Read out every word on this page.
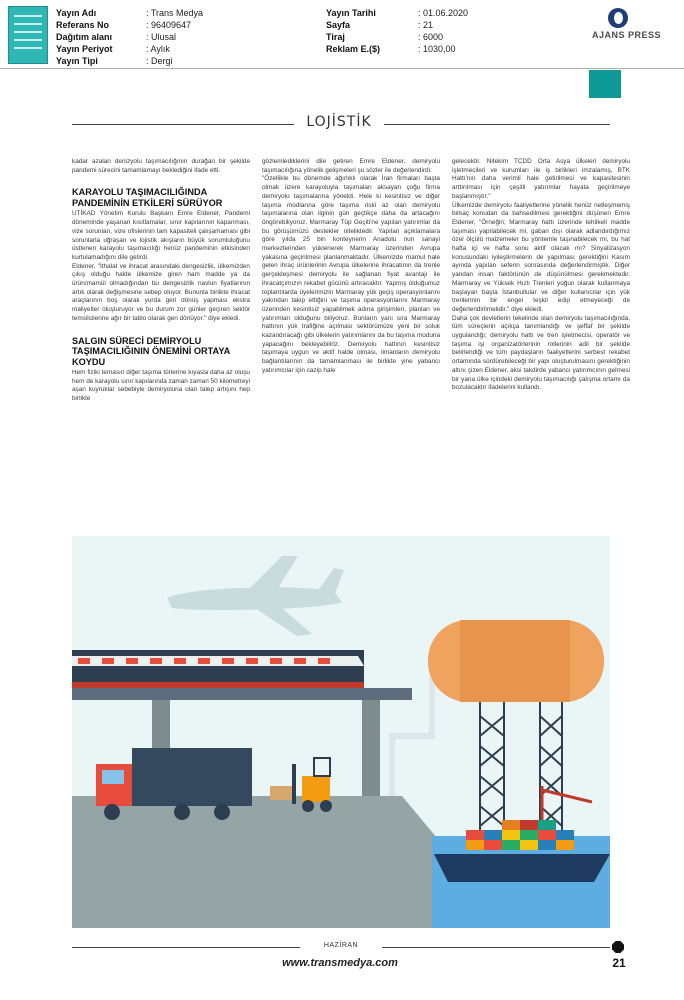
Yayın Adı	: Trans Medya
Referans No	: 96409647
Dağıtım alanı	: Ulusal
Yayın Periyot	: Aylık
Yayın Tipi	: Dergi
Yayın Tarihi	: 01.06.2020
Sayfa	: 21
Tiraj	: 6000
Reklam E.($)	: 1030,00
AJANS PRESS
LOJİSTİK

kadar azalan denizyolu taşımacılığının durağan bir şekilde pandemi sürecini tamamlamayı beklediğini ifade etti.

KARAYOLU TAŞIMACILIĞINDA PANDEMİNİN ETKİLERİ SÜRÜYOR

UTİKAD Yönetim Kurulu Başkanı Emre Eldener, Pandemi döneminde yaşanan kısıtlamalar, sınır kapılarının kapanması, vize sorunları, vize ofislerinin tam kapasiteli çalışamaması gibi sorunlarla uğraşan ve lojistik akışların büyük sorumluluğunu üstlenen karayolu taşımacılığı henüz pandeminin etkisinden kurtulamadığını dile getirdi.

Eldener, "İthalat ve ihracat arasındaki dengesizlik, ülkemizden çıkış olduğu halde ülkemize giren ham madde ya da ürün/mamül olmadığından bu dengesizlik navlun fiyatlarının artık olarak değişmesine sebep oluyor. Bununla birlikte ihracat araçlarının boş olarak yurda geri dönüş yapması ekstra maliyetler oluşturuyor ve bu durum zor günler geçiren sektör temsilcilerine ağır bir tablo olarak geri dönüyor." diye ekledi.

SALGIN SÜRECİ DEMİRYOLU TAŞIMACILIĞININ ÖNEMİNİ ORTAYA KOYDU

Hem fiziki temasın diğer taşıma türlerine kıyasla daha az oluşu hem de karayolu sınır kapılarında zaman zaman 50 kilometreyi aşan kuyruklar sebebiyle demiryoluna olan talep artışını hep birlikte

gözlemlediklerini dile getiren Emre Eldener, demiryolu taşımacılığına yönelik gelişmeleri şu sözler ile değerlendirdi:

"Özellikle bu dönemde ağırlıklı olarak İran firmaları başta olmak üzere karayoluyla taşımaları aksayan çoğu firma demiryolu taşımalarına yöneldi. Hele ki kesintisiz ve diğer taşıma modlarına göre taşıma riski az olan demiryolu taşımalarına olan ilginin gün geçtikçe daha da artacağını öngörebiliyoruz. Marmaray Tüp Geçiti'ne yapılan yatırımlar da bu görüşümüzü destekler niteliktedir. Yapılan açıklamalara göre yılda 25 bin konteynerin Anadolu nun sanayi merkezlerinden yüklenerek Marmaray üzerinden Avrupa yakasına geçirilmesi planlanmaktadır. Ülkemizde mamul hale gelen ihraç ürünlerinin Avrupa ülkelerine ihracatının da trenle gerçekleşmesi demiryolu ile sağlanan fiyat avantajı ile ihracatçımızın rekabet gücünü artıracaktır. Yapmış olduğumuz toplantılarda üyelerimizin Marmaray yük geçiş operasyonlarını yakından takip ettiğini ve taşıma operasyonlarını Marmaray üzerinden kesintisiz yapabilmek adına girişimleri, planları ve yatırımları olduğunu biliyoruz. Bunların yanı sıra Marmaray hattının yük trafiğine açılması sektörümüze yeni bir soluk kazandıracağı gibi ülkelerin yatırımlarını da bu taşıma moduna yapacağını bekleyebiliriz. Demiryolu hattının kesintisiz taşımaya uygun ve aktif halde olması, limanların demiryolu bağlantılarının da tamamlanması ile birlikte yine yabancı yatırımcılar için cazip hale

gelecektir. Nitekim TCDD Orta Asya ülkeleri demiryolu işletmecileri ve kurumları ile iş birlikleri imzalamış, BTK Hattı'nın daha verimli hale getirilmesi ve kapasitesinin arttırılması için çeşitli yatırımlar hayata geçirilmeye başlanmıştır."

Ülkemizde demiryolu faaliyetlerine yönelik henüz netleşmemiş birkaç konudan da bahsedilmesi gerektiğini düşünen Emre Eldener, "Örneğin; Marmaray hattı üzerinde tehlikeli madde taşıması yapılabilecek mi, gabari dışı olarak adlandırdığımız özel ölçülü malzemeler bu yöntemle taşınabilecek mi, bu hat hafta içi ve hafta sonu aktif olacak mı? Sinyalizasyon konusundaki iyileştirmelerin de yapılması gerektiğini Kasım ayında yapılan seferin sonrasında değerlendirmiştik. Diğer yandan insan faktörünün de düşünülmesi gerekmektedir. Marmaray ve Yüksek Hızlı Trenleri yoğun olarak kullanmaya başlayan başta İstanbullular ve diğer kullanıcılar için yük trenlerinin bir engel teşkil edip etmeyeceği de değerlendirilmelidir." diye ekledi.

Daha çok devletlerin tekelinde olan demiryolu taşımacılığında, tüm süreçlerin açıkça tanımlandığı ve şeffaf bir şekilde uygulandığı; demiryolu hattı ve tren işletmecisi, operatör ve taşıma işi organizatörlerinin rollerinin adil bir şekilde belirlendiği ve tüm paydaşların faaliyetlerini serbest rekabet ortamında sürdürebileceği bir yapı oluşturulmasını gerektiğinin altını çizen Eldener, aksi takdirde yabancı yatırımcının gelmesi bir yana ülke içindeki demiryolu taşımacılığı çalışma ortamı da bozulacaktır ifadelerini kullandı.

HAZİRAN
www.transmedya.com	21
